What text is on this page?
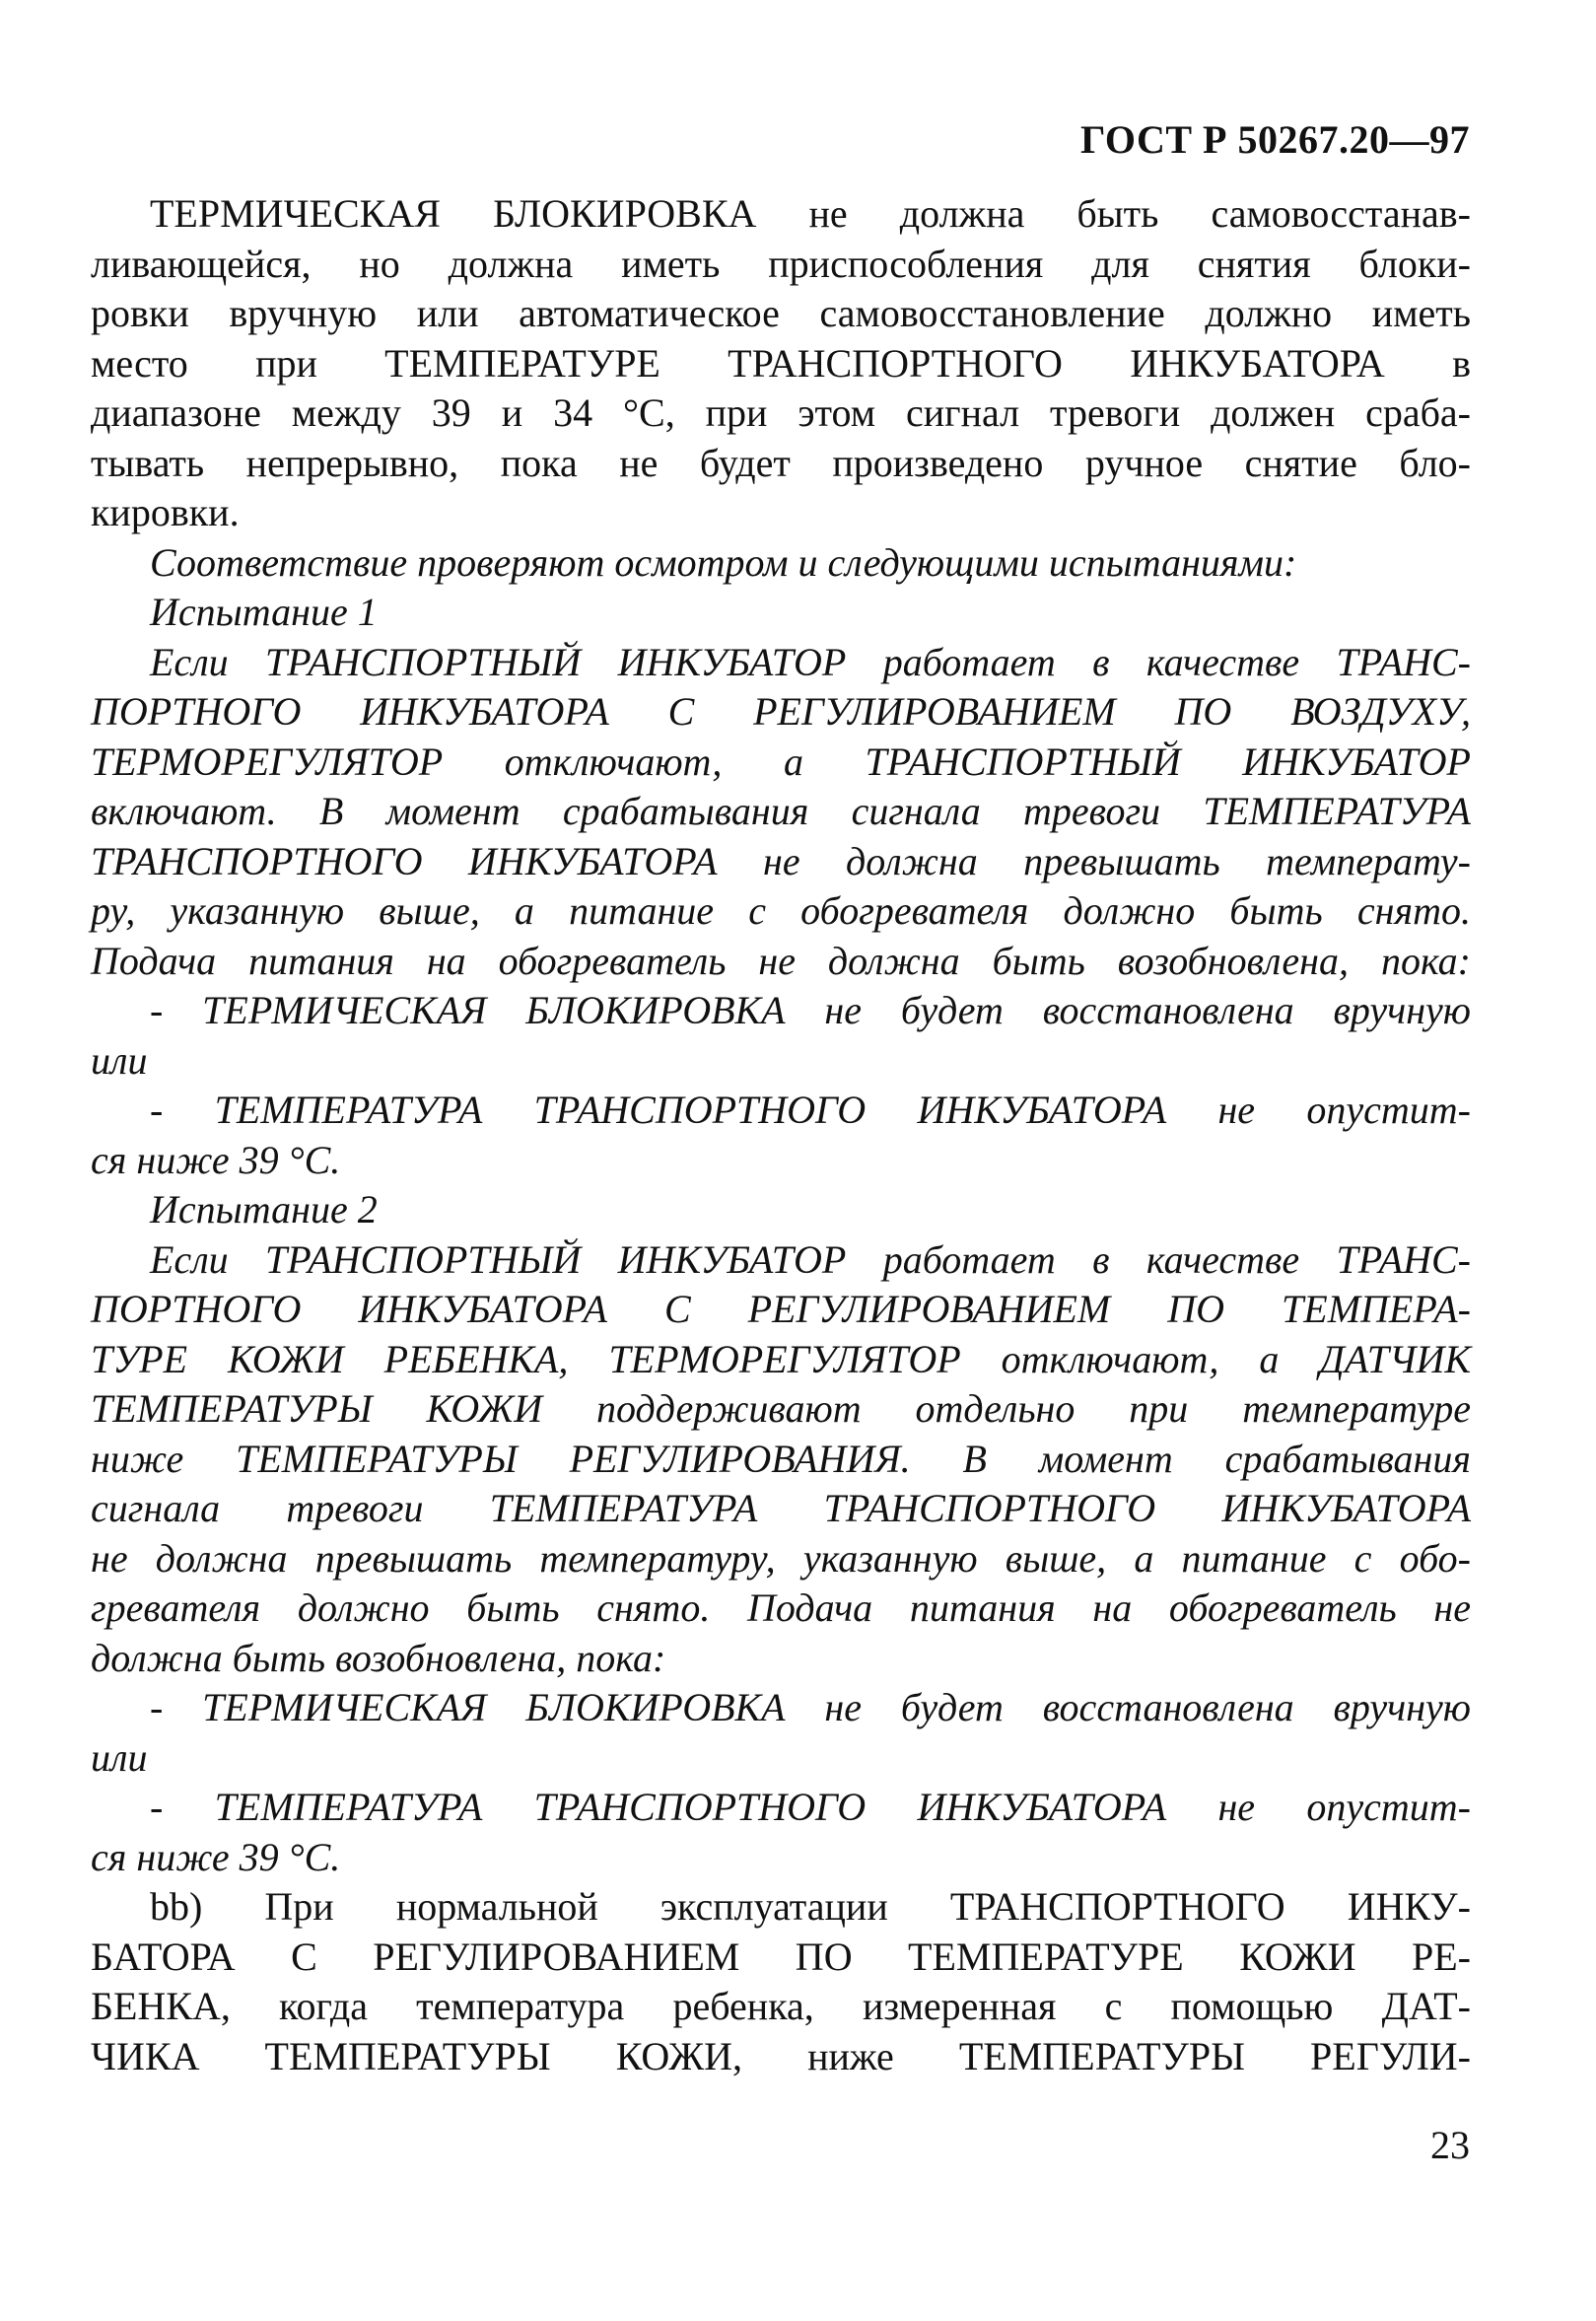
ГОСТ Р 50267.20—97
ТЕРМИЧЕСКАЯ БЛОКИРОВКА не должна быть самовосстанав-
ливающейся, но должна иметь приспособления для снятия блоки-
ровки вручную или автоматическое самовосстановление должно иметь
место при ТЕМПЕРАТУРЕ ТРАНСПОРТНОГО ИНКУБАТОРА в
диапазоне между 39 и 34 °С, при этом сигнал тревоги должен сраба-
тывать непрерывно, пока не будет произведено ручное снятие бло-
кировки.
Соответствие проверяют осмотром и следующими испытаниями:
Испытание 1
Если ТРАНСПОРТНЫЙ ИНКУБАТОР работает в качестве ТРАНС-
ПОРТНОГО ИНКУБАТОРА С РЕГУЛИРОВАНИЕМ ПО ВОЗДУХУ,
ТЕРМОРЕГУЛЯТОР отключают, а ТРАНСПОРТНЫЙ ИНКУБАТОР
включают. В момент срабатывания сигнала тревоги ТЕМПЕРАТУРА
ТРАНСПОРТНОГО ИНКУБАТОРА не должна превышать температу-
ру, указанную выше, а питание с обогревателя должно быть снято.
Подача питания на обогреватель не должна быть возобновлена, пока:
- ТЕРМИЧЕСКАЯ БЛОКИРОВКА не будет восстановлена вручную
или
- ТЕМПЕРАТУРА ТРАНСПОРТНОГО ИНКУБАТОРА не опустит-
ся ниже 39 °С.
Испытание 2
Если ТРАНСПОРТНЫЙ ИНКУБАТОР работает в качестве ТРАНС-
ПОРТНОГО ИНКУБАТОРА С РЕГУЛИРОВАНИЕМ ПО ТЕМПЕРА-
ТУРЕ КОЖИ РЕБЕНКА, ТЕРМОРЕГУЛЯТОР отключают, а ДАТЧИК
ТЕМПЕРАТУРЫ КОЖИ поддерживают отдельно при температуре
ниже ТЕМПЕРАТУРЫ РЕГУЛИРОВАНИЯ. В момент срабатывания
сигнала тревоги ТЕМПЕРАТУРА ТРАНСПОРТНОГО ИНКУБАТОРА
не должна превышать температуру, указанную выше, а питание с обо-
гревателя должно быть снято. Подача питания на обогреватель не
должна быть возобновлена, пока:
- ТЕРМИЧЕСКАЯ БЛОКИРОВКА не будет восстановлена вручную
или
- ТЕМПЕРАТУРА ТРАНСПОРТНОГО ИНКУБАТОРА не опустит-
ся ниже 39 °С.
bb) При нормальной эксплуатации ТРАНСПОРТНОГО ИНКУ-
БАТОРА С РЕГУЛИРОВАНИЕМ ПО ТЕМПЕРАТУРЕ КОЖИ РЕ-
БЕНКА, когда температура ребенка, измеренная с помощью ДАТ-
ЧИКА ТЕМПЕРАТУРЫ КОЖИ, ниже ТЕМПЕРАТУРЫ РЕГУЛИ-
23
